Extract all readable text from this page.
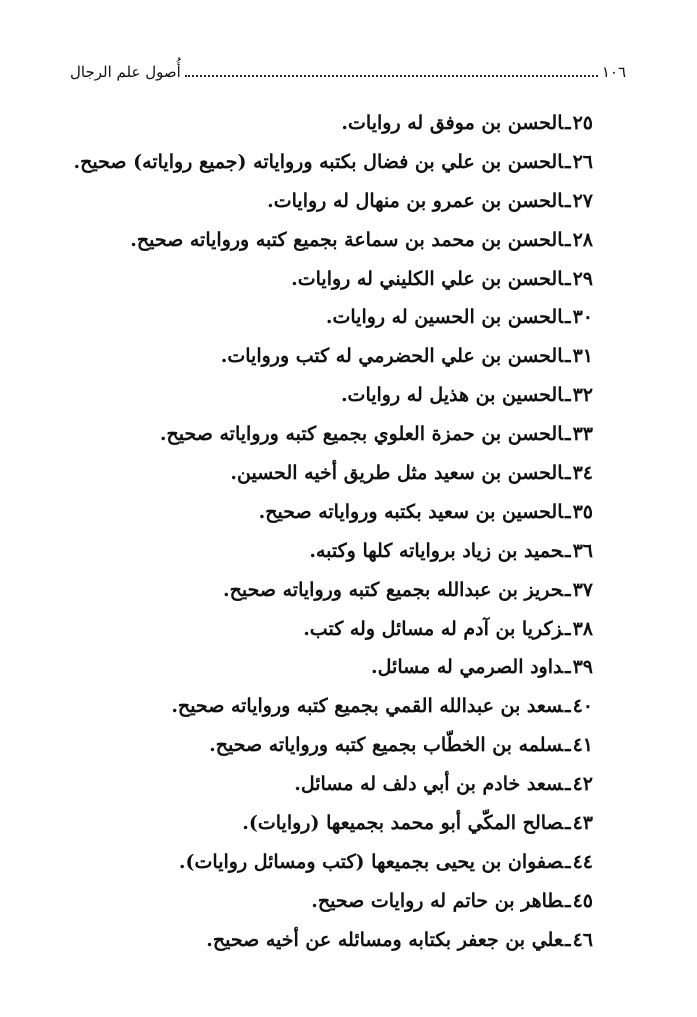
١٠٦
أُصول علم الرجال
٢٥ـالحسن بن موفق له روايات.
٢٦ـالحسن بن علي بن فضال بكتبه ورواياته (جميع رواياته) صحيح.
٢٧ـالحسن بن عمرو بن منهال له روايات.
٢٨ـالحسن بن محمد بن سماعة بجميع كتبه ورواياته صحيح.
٢٩ـالحسن بن علي الكليني له روايات.
٣٠ـالحسن بن الحسين له روايات.
٣١ـالحسن بن علي الحضرمي له كتب وروايات.
٣٢ـالحسين بن هذيل له روايات.
٣٣ـالحسن بن حمزة العلوي بجميع كتبه ورواياته صحيح.
٣٤ـالحسن بن سعيد مثل طريق أخيه الحسين.
٣٥ـالحسين بن سعيد بكتبه ورواياته صحيح.
٣٦ـحميد بن زياد برواياته كلها وكتبه.
٣٧ـحريز بن عبدالله بجميع كتبه ورواياته صحيح.
٣٨ـزكريا بن آدم له مسائل وله كتب.
٣٩ـداود الصرمي له مسائل.
٤٠ـسعد بن عبدالله القمي بجميع كتبه ورواياته صحيح.
٤١ـسلمه بن الخطّاب بجميع كتبه ورواياته صحيح.
٤٢ـسعد خادم بن أبي دلف له مسائل.
٤٣ـصالح المكّي أبو محمد بجميعها (روايات).
٤٤ـصفوان بن يحيى بجميعها (كتب ومسائل روايات).
٤٥ـطاهر بن حاتم له روايات صحيح.
٤٦ـعلي بن جعفر بكتابه ومسائله عن أخيه صحيح.
